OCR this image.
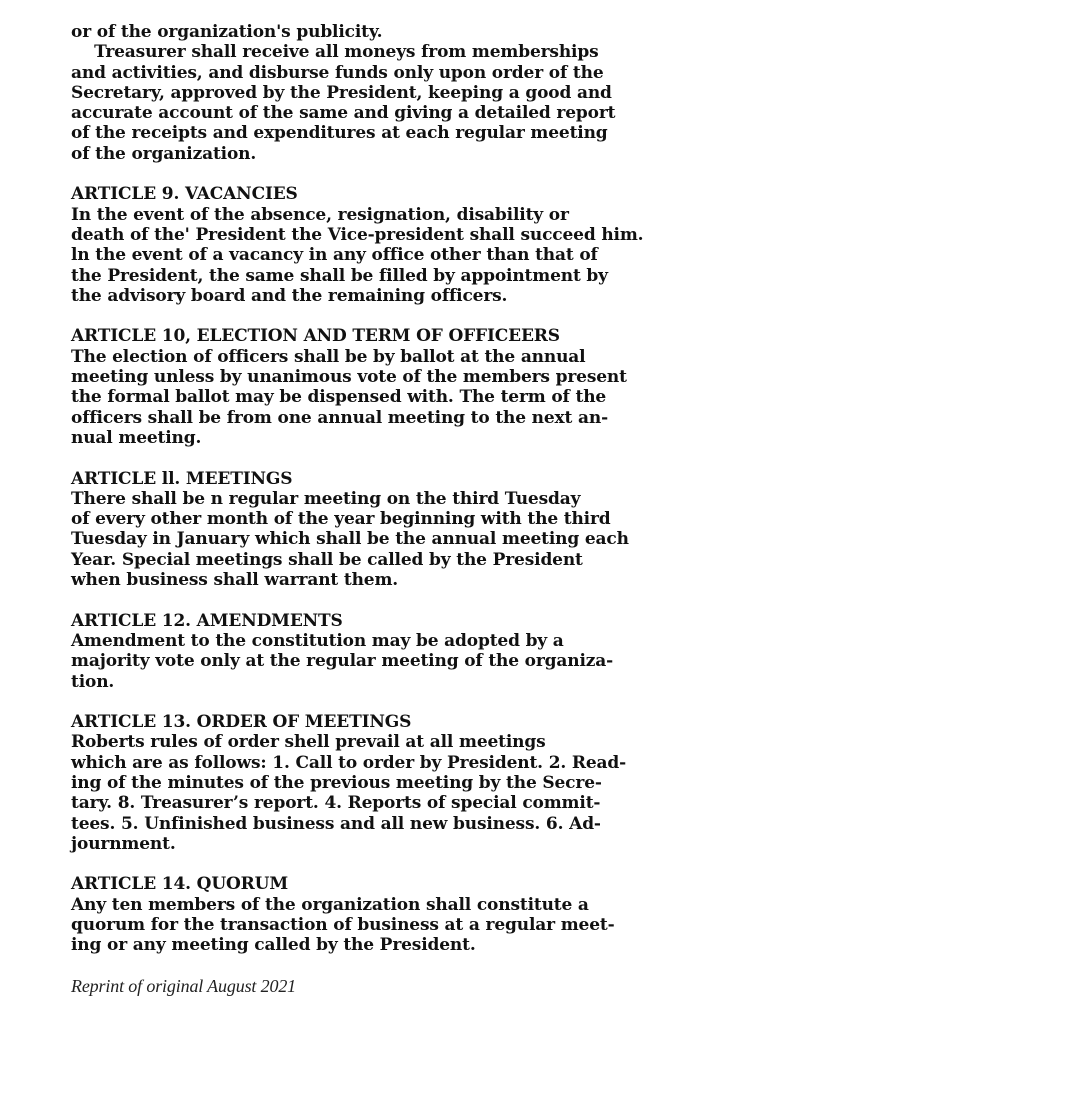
or of the organization's publicity.
Treasurer shall receive all moneys from memberships
and activities, and disburse funds only upon order of the
Secretary, approved by the President, keeping a good and
accurate account of the same and giving a detailed report
of the receipts and expenditures at each regular meeting
of the organization.
ARTICLE 9. VACANCIES
In the event of the absence, resignation, disability or
death of the' President the Vice-president shall succeed him.
ln the event of a vacancy in any office other than that of
the President, the same shall be filled by appointment by
the advisory board and the remaining officers.
ARTICLE 10, ELECTION AND TERM OF OFFICEERS
The election of officers shall be by ballot at the annual
meeting unless by unanimous vote of the members present
the formal ballot may be dispensed with. The term of the
officers shall be from one annual meeting to the next an-
nual meeting.
ARTICLE ll. MEETINGS
There shall be n regular meeting on the third Tuesday
of every other month of the year beginning with the third
Tuesday in January which shall be the annual meeting each
Year. Special meetings shall be called by the President
when business shall warrant them.
ARTICLE 12. AMENDMENTS
Amendment to the constitution may be adopted by a
majority vote only at the regular meeting of the organiza-
tion.
ARTICLE 13. ORDER OF MEETINGS
Roberts rules of order shell prevail at all meetings
which are as follows: 1. Call to order by President. 2. Read-
ing of the minutes of the previous meeting by the Secre-
tary. 8. Treasurer’s report. 4. Reports of special commit-
tees. 5. Unfinished business and all new business. 6. Ad-
journment.
ARTICLE 14. QUORUM
Any ten members of the organization shall constitute a
quorum for the transaction of business at a regular meet-
ing or any meeting called by the President.
Reprint of original August 2021
